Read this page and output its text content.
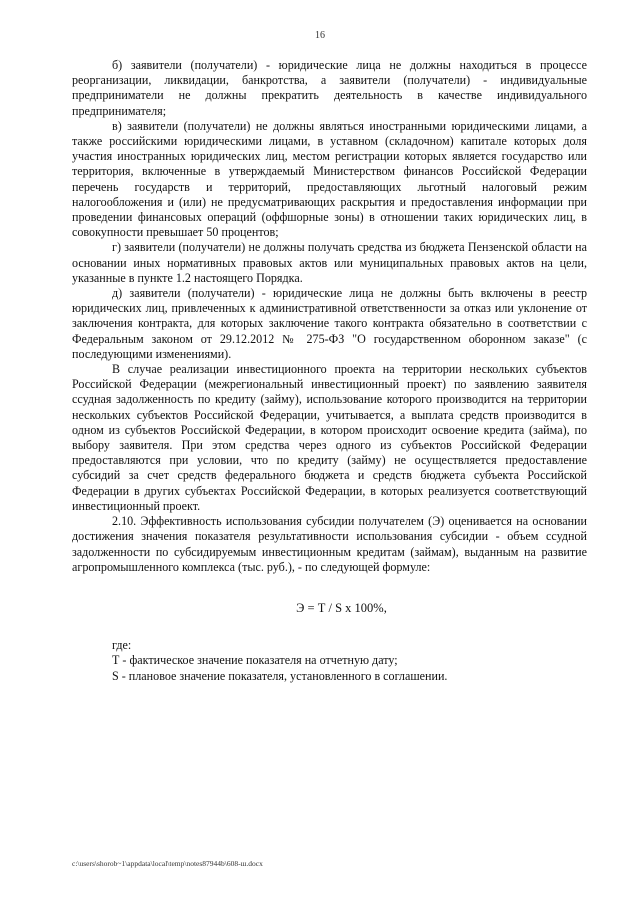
16

б) заявители (получатели) - юридические лица не должны находиться в процессе реорганизации, ликвидации, банкротства, а заявители (получатели) - индивидуальные предприниматели не должны прекратить деятельность в качестве индивидуального предпринимателя;

в) заявители (получатели) не должны являться иностранными юридическими лицами, а также российскими юридическими лицами, в уставном (складочном) капитале которых доля участия иностранных юридических лиц, местом регистрации которых является государство или территория, включенные в утверждаемый Министерством финансов Российской Федерации перечень государств и территорий, предоставляющих льготный налоговый режим налогообложения и (или) не предусматривающих раскрытия и предоставления информации при проведении финансовых операций (оффшорные зоны) в отношении таких юридических лиц, в совокупности превышает 50 процентов;

г) заявители (получатели) не должны получать средства из бюджета Пензенской области на основании иных нормативных правовых актов или муниципальных правовых актов на цели, указанные в пункте 1.2 настоящего Порядка.

д) заявители (получатели) - юридические лица не должны быть включены в реестр юридических лиц, привлеченных к административной ответственности за отказ или уклонение от заключения контракта, для которых заключение такого контракта обязательно в соответствии с Федеральным законом от 29.12.2012 № 275-ФЗ "О государственном оборонном заказе" (с последующими изменениями).

В случае реализации инвестиционного проекта на территории нескольких субъектов Российской Федерации (межрегиональный инвестиционный проект) по заявлению заявителя ссудная задолженность по кредиту (займу), использование которого производится на территории нескольких субъектов Российской Федерации, учитывается, а выплата средств производится в одном из субъектов Российской Федерации, в котором происходит освоение кредита (займа), по выбору заявителя. При этом средства через одного из субъектов Российской Федерации предоставляются при условии, что по кредиту (займу) не осуществляется предоставление субсидий за счет средств федерального бюджета и средств бюджета субъекта Российской Федерации в других субъектах Российской Федерации, в которых реализуется соответствующий инвестиционный проект.

2.10. Эффективность использования субсидии получателем (Э) оценивается на основании достижения значения показателя результативности использования субсидии - объем ссудной задолженности по субсидируемым инвестиционным кредитам (займам), выданным на развитие агропромышленного комплекса (тыс. руб.), - по следующей формуле:

Э = Т / S x 100%,

где:

Т - фактическое значение показателя на отчетную дату;

S - плановое значение показателя, установленного в соглашении.

c:\users\shorob~1\appdata\local\temp\notes87944b\608-ш.docx
